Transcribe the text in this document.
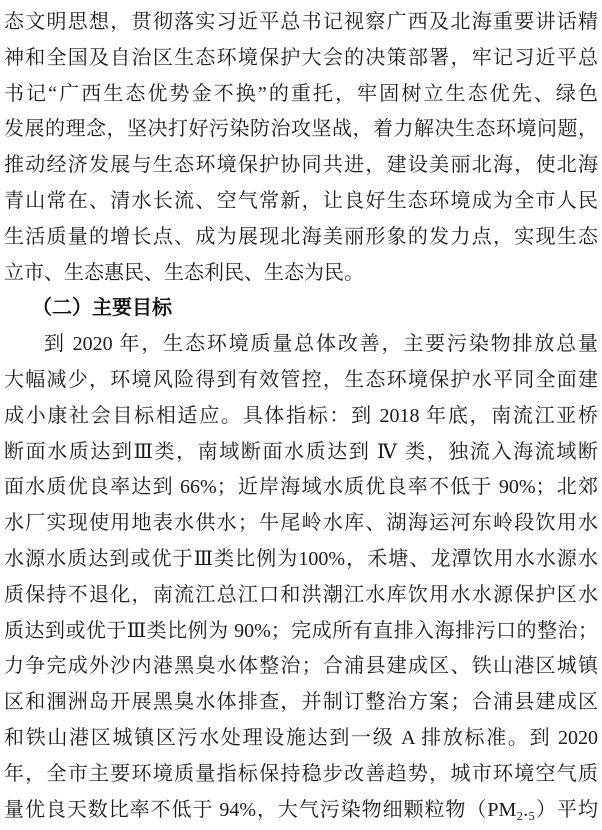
态文明思想，贯彻落实习近平总书记视察广西及北海重要讲话精
神和全国及自治区生态环境保护大会的决策部署，牢记习近平总
书记“广西生态优势金不换”的重托，牢固树立生态优先、绿色
发展的理念，坚决打好污染防治攻坚战，着力解决生态环境问题，
推动经济发展与生态环境保护协同共进，建设美丽北海，使北海
青山常在、清水长流、空气常新，让良好生态环境成为全市人民
生活质量的增长点、成为展现北海美丽形象的发力点，实现生态
立市、生态惠民、生态利民、生态为民。
（二）主要目标
到 2020 年，生态环境质量总体改善，主要污染物排放总量
大幅减少，环境风险得到有效管控，生态环境保护水平同全面建
成小康社会目标相适应。具体指标：到 2018 年底，南流江亚桥
断面水质达到Ⅲ类，南域断面水质达到 Ⅳ 类，独流入海流域断
面水质优良率达到 66%；近岸海域水质优良率不低于 90%；北郊
水厂实现使用地表水供水；牛尾岭水库、湖海运河东岭段饮用水
水源水质达到或优于Ⅲ类比例为100%，禾塘、龙潭饮用水水源水
质保持不退化，南流江总江口和洪潮江水库饮用水水源保护区水
质达到或优于Ⅲ类比例为 90%；完成所有直排入海排污口的整治；
力争完成外沙内港黑臭水体整治；合浦县建成区、铁山港区城镇
区和涠洲岛开展黑臭水体排查，并制订整治方案；合浦县建成区
和铁山港区城镇区污水处理设施达到一级 A 排放标准。到 2020
年，全市主要环境质量指标保持稳步改善趋势，城市环境空气质
量优良天数比率不低于 94%，大气污染物细颗粒物（PM₂.₅）平均
